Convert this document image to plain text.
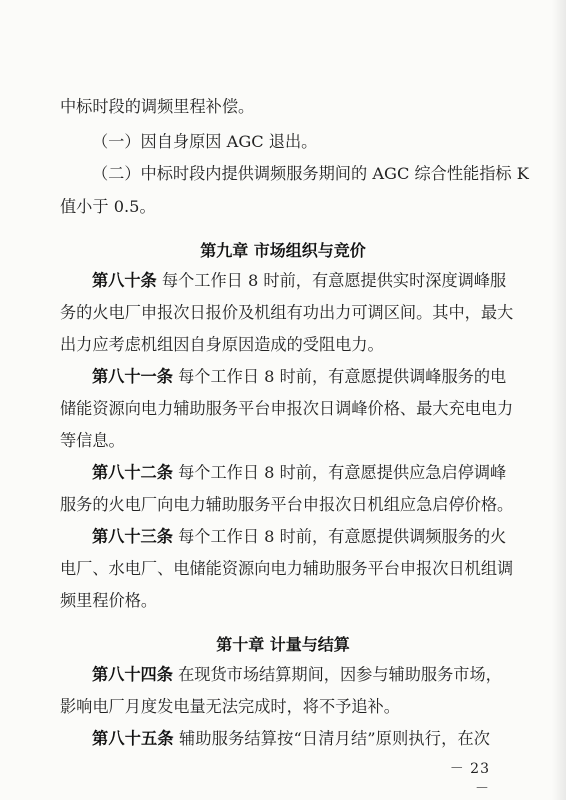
中标时段的调频里程补偿。
（一）因自身原因 AGC 退出。
（二）中标时段内提供调频服务期间的 AGC 综合性能指标 K
值小于 0.5。
第九章 市场组织与竞价
第八十条 每个工作日 8 时前，有意愿提供实时深度调峰服
务的火电厂申报次日报价及机组有功出力可调区间。其中，最大
出力应考虑机组因自身原因造成的受阻电力。
第八十一条 每个工作日 8 时前，有意愿提供调峰服务的电
储能资源向电力辅助服务平台申报次日调峰价格、最大充电电力
等信息。
第八十二条 每个工作日 8 时前，有意愿提供应急启停调峰
服务的火电厂向电力辅助服务平台申报次日机组应急启停价格。
第八十三条 每个工作日 8 时前，有意愿提供调频服务的火
电厂、水电厂、电储能资源向电力辅助服务平台申报次日机组调
频里程价格。
第十章 计量与结算
第八十四条 在现货市场结算期间，因参与辅助服务市场，
影响电厂月度发电量无法完成时，将不予追补。
第八十五条 辅助服务结算按“日清月结”原则执行，在次
－ 23 －
